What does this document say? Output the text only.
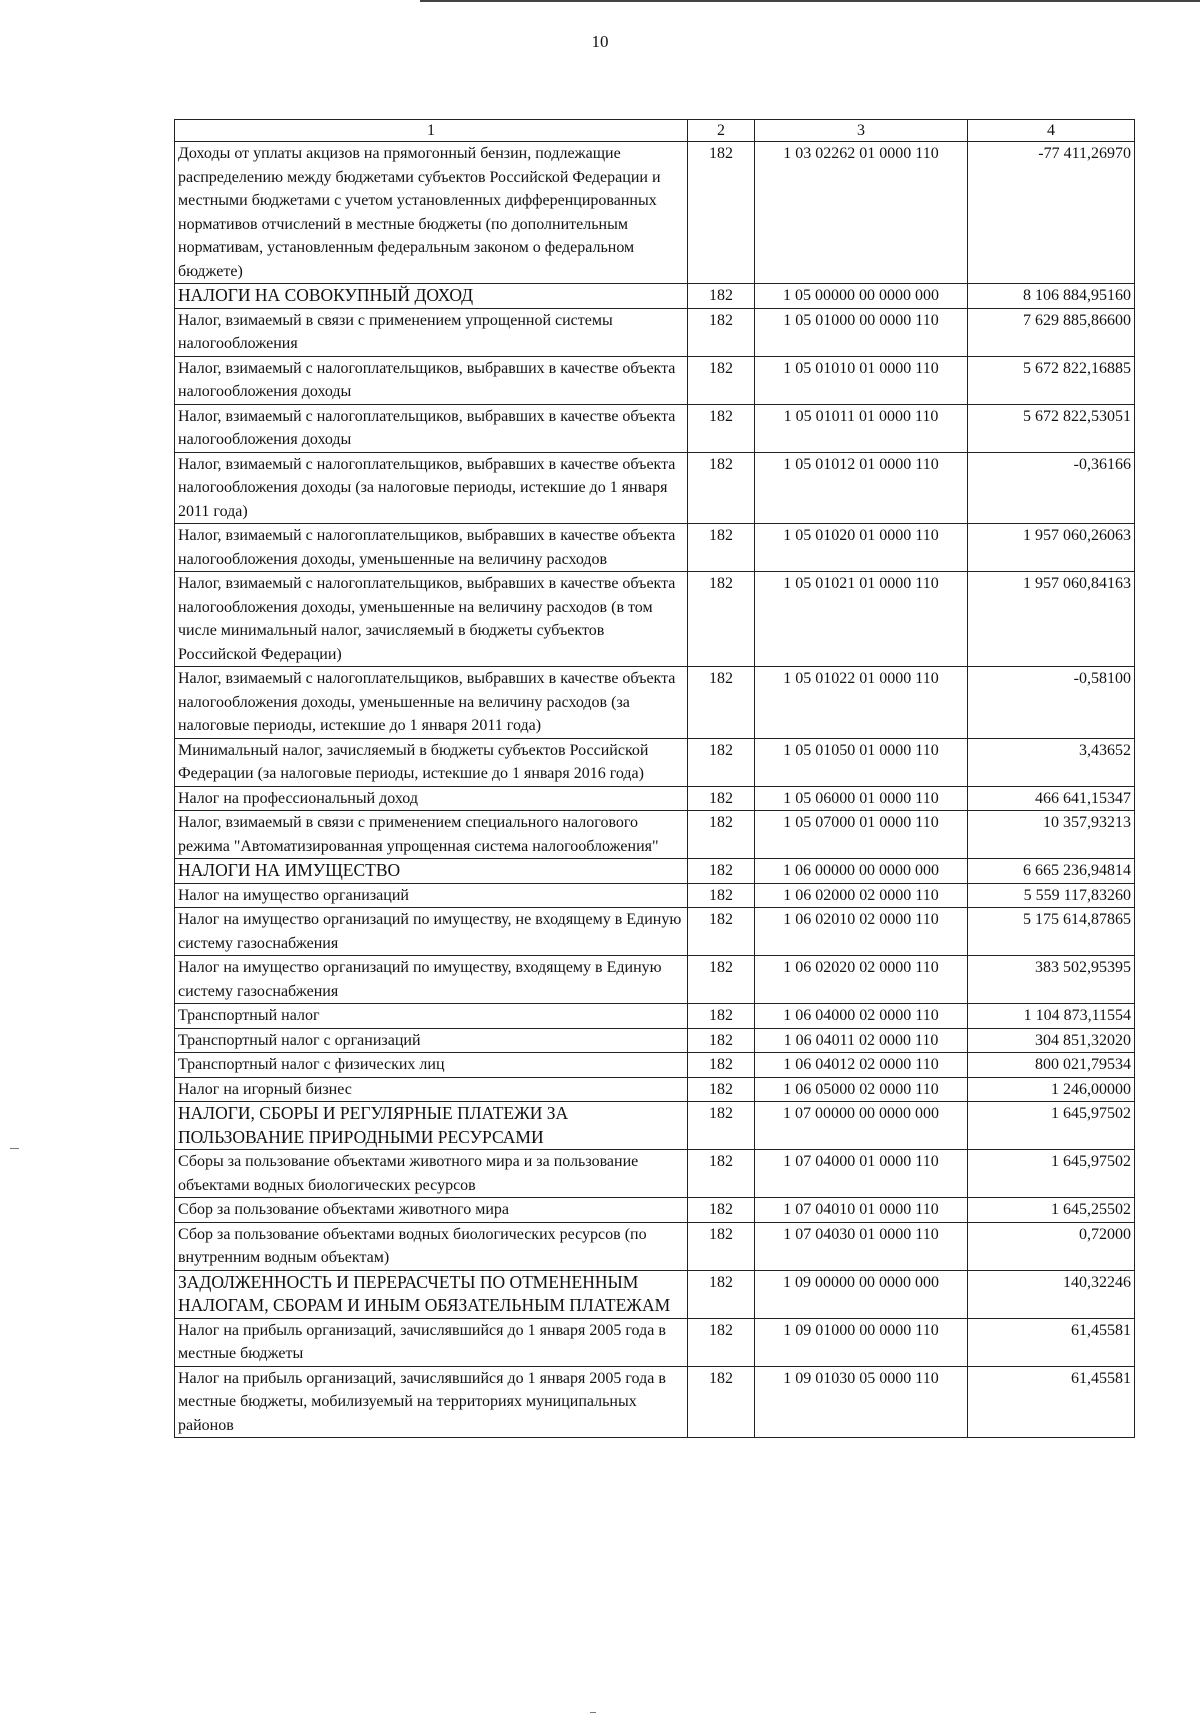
10
1	2	3	4
Доходы от уплаты акцизов на прямогонный бензин, подлежащие распределению между бюджетами субъектов Российской Федерации и местными бюджетами с учетом установленных дифференцированных нормативов отчислений в местные бюджеты (по дополнительным нормативам, установленным федеральным законом о федеральном бюджете)	182	1 03 02262 01 0000 110	-77 411,26970
НАЛОГИ НА СОВОКУПНЫЙ ДОХОД	182	1 05 00000 00 0000 000	8 106 884,95160
Налог, взимаемый в связи с применением упрощенной системы налогообложения	182	1 05 01000 00 0000 110	7 629 885,86600
Налог, взимаемый с налогоплательщиков, выбравших в качестве объекта налогообложения доходы	182	1 05 01010 01 0000 110	5 672 822,16885
Налог, взимаемый с налогоплательщиков, выбравших в качестве объекта налогообложения доходы	182	1 05 01011 01 0000 110	5 672 822,53051
Налог, взимаемый с налогоплательщиков, выбравших в качестве объекта налогообложения доходы (за налоговые периоды, истекшие до 1 января 2011 года)	182	1 05 01012 01 0000 110	-0,36166
Налог, взимаемый с налогоплательщиков, выбравших в качестве объекта налогообложения доходы, уменьшенные на величину расходов	182	1 05 01020 01 0000 110	1 957 060,26063
Налог, взимаемый с налогоплательщиков, выбравших в качестве объекта налогообложения доходы, уменьшенные на величину расходов (в том числе минимальный налог, зачисляемый в бюджеты субъектов Российской Федерации)	182	1 05 01021 01 0000 110	1 957 060,84163
Налог, взимаемый с налогоплательщиков, выбравших в качестве объекта налогообложения доходы, уменьшенные на величину расходов (за налоговые периоды, истекшие до 1 января 2011 года)	182	1 05 01022 01 0000 110	-0,58100
Минимальный налог, зачисляемый в бюджеты субъектов Российской Федерации (за налоговые периоды, истекшие до 1 января 2016 года)	182	1 05 01050 01 0000 110	3,43652
Налог на профессиональный доход	182	1 05 06000 01 0000 110	466 641,15347
Налог, взимаемый в связи с применением специального налогового режима "Автоматизированная упрощенная система налогообложения"	182	1 05 07000 01 0000 110	10 357,93213
НАЛОГИ НА ИМУЩЕСТВО	182	1 06 00000 00 0000 000	6 665 236,94814
Налог на имущество организаций	182	1 06 02000 02 0000 110	5 559 117,83260
Налог на имущество организаций по имуществу, не входящему в Единую систему газоснабжения	182	1 06 02010 02 0000 110	5 175 614,87865
Налог на имущество организаций по имуществу, входящему в Единую систему газоснабжения	182	1 06 02020 02 0000 110	383 502,95395
Транспортный налог	182	1 06 04000 02 0000 110	1 104 873,11554
Транспортный налог с организаций	182	1 06 04011 02 0000 110	304 851,32020
Транспортный налог с физических лиц	182	1 06 04012 02 0000 110	800 021,79534
Налог на игорный бизнес	182	1 06 05000 02 0000 110	1 246,00000
НАЛОГИ, СБОРЫ И РЕГУЛЯРНЫЕ ПЛАТЕЖИ ЗА ПОЛЬЗОВАНИЕ ПРИРОДНЫМИ РЕСУРСАМИ	182	1 07 00000 00 0000 000	1 645,97502
Сборы за пользование объектами животного мира и за пользование объектами водных биологических ресурсов	182	1 07 04000 01 0000 110	1 645,97502
Сбор за пользование объектами животного мира	182	1 07 04010 01 0000 110	1 645,25502
Сбор за пользование объектами водных биологических ресурсов (по внутренним водным объектам)	182	1 07 04030 01 0000 110	0,72000
ЗАДОЛЖЕННОСТЬ И ПЕРЕРАСЧЕТЫ ПО ОТМЕНЕННЫМ НАЛОГАМ, СБОРАМ И ИНЫМ ОБЯЗАТЕЛЬНЫМ ПЛАТЕЖАМ	182	1 09 00000 00 0000 000	140,32246
Налог на прибыль организаций, зачислявшийся до 1 января 2005 года в местные бюджеты	182	1 09 01000 00 0000 110	61,45581
Налог на прибыль организаций, зачислявшийся до 1 января 2005 года в местные бюджеты, мобилизуемый на территориях муниципальных районов	182	1 09 01030 05 0000 110	61,45581
